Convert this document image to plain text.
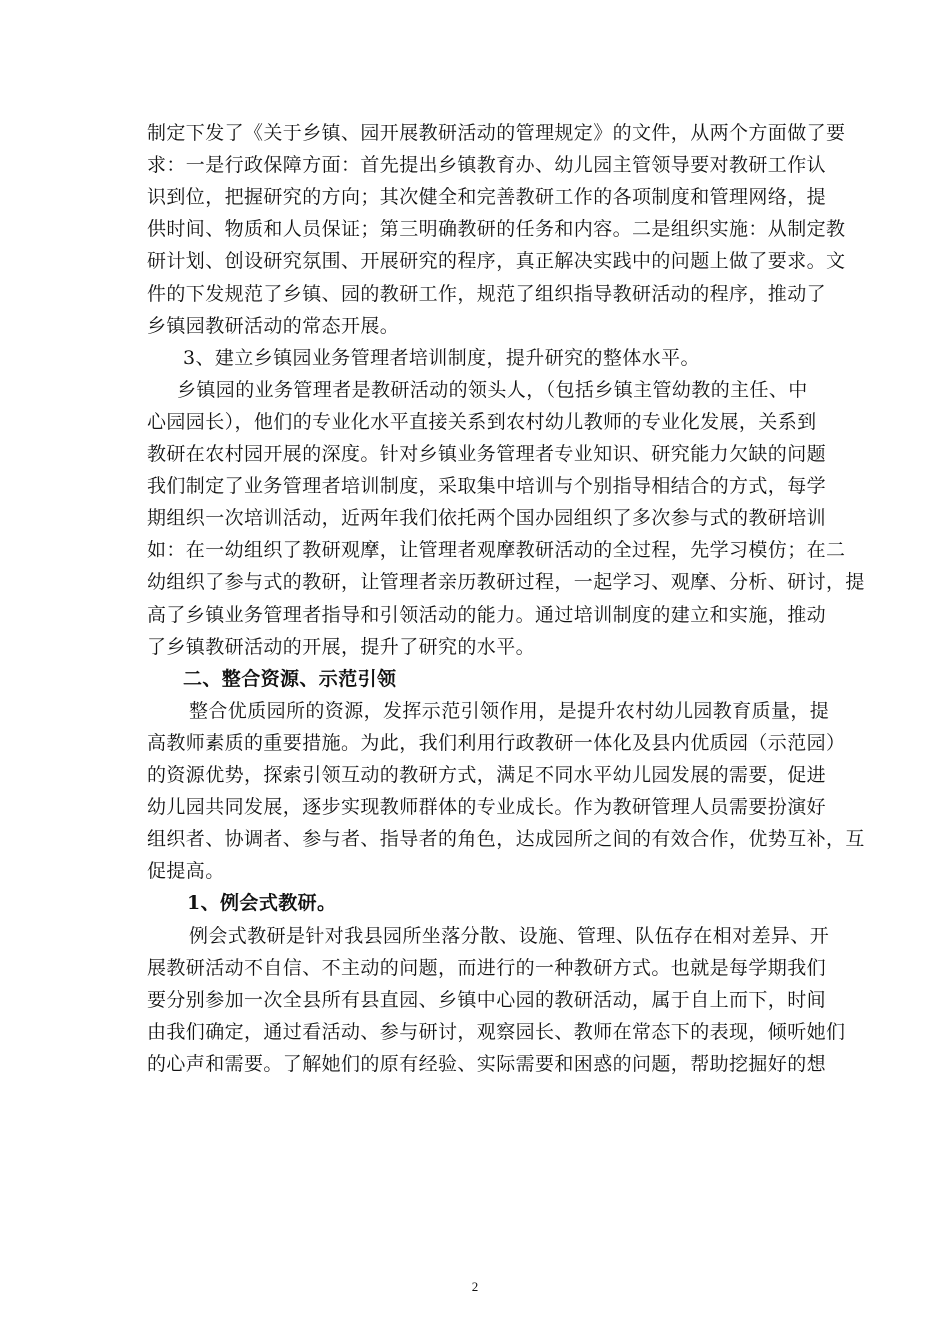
制定下发了《关于乡镇、园开展教研活动的管理规定》的文件，从两个方面做了要
求：一是行政保障方面：首先提出乡镇教育办、幼儿园主管领导要对教研工作认
识到位，把握研究的方向；其次健全和完善教研工作的各项制度和管理网络，提
供时间、物质和人员保证；第三明确教研的任务和内容。二是组织实施：从制定教
研计划、创设研究氛围、开展研究的程序，真正解决实践中的问题上做了要求。文
件的下发规范了乡镇、园的教研工作，规范了组织指导教研活动的程序，推动了
乡镇园教研活动的常态开展。
3、建立乡镇园业务管理者培训制度，提升研究的整体水平。
乡镇园的业务管理者是教研活动的领头人，（包括乡镇主管幼教的主任、中
心园园长），他们的专业化水平直接关系到农村幼儿教师的专业化发展，关系到
教研在农村园开展的深度。针对乡镇业务管理者专业知识、研究能力欠缺的问题
我们制定了业务管理者培训制度，采取集中培训与个别指导相结合的方式，每学
期组织一次培训活动，近两年我们依托两个国办园组织了多次参与式的教研培训
如：在一幼组织了教研观摩，让管理者观摩教研活动的全过程，先学习模仿；在二
幼组织了参与式的教研，让管理者亲历教研过程，一起学习、观摩、分析、研讨，提
高了乡镇业务管理者指导和引领活动的能力。通过培训制度的建立和实施，推动
了乡镇教研活动的开展，提升了研究的水平。
二、整合资源、示范引领
整合优质园所的资源，发挥示范引领作用，是提升农村幼儿园教育质量，提
高教师素质的重要措施。为此，我们利用行政教研一体化及县内优质园（示范园）
的资源优势，探索引领互动的教研方式，满足不同水平幼儿园发展的需要，促进
幼儿园共同发展，逐步实现教师群体的专业成长。作为教研管理人员需要扮演好
组织者、协调者、参与者、指导者的角色，达成园所之间的有效合作，优势互补，互
促提高。
1、例会式教研。
例会式教研是针对我县园所坐落分散、设施、管理、队伍存在相对差异、开
展教研活动不自信、不主动的问题，而进行的一种教研方式。也就是每学期我们
要分别参加一次全县所有县直园、乡镇中心园的教研活动，属于自上而下，时间
由我们确定，通过看活动、参与研讨，观察园长、教师在常态下的表现，倾听她们
的心声和需要。了解她们的原有经验、实际需要和困惑的问题，帮助挖掘好的想
2
